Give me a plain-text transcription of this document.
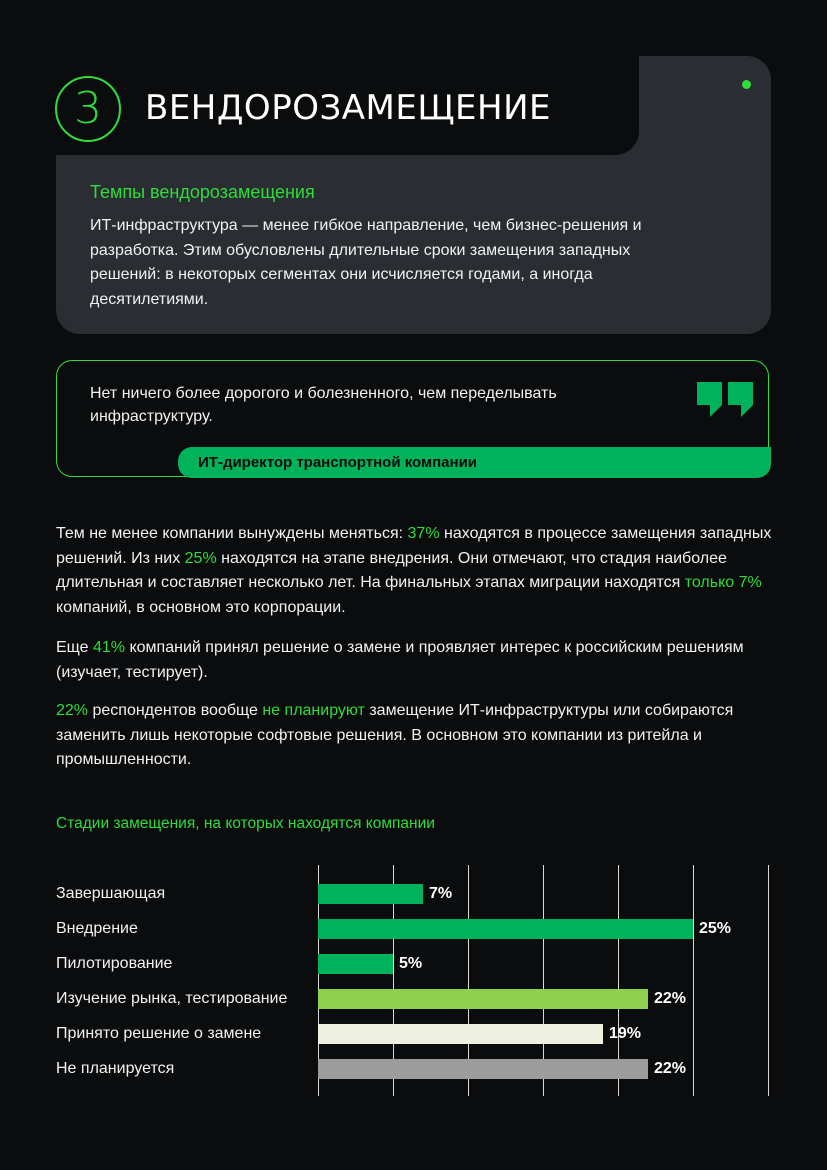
3	ВЕНДОРОЗАМЕЩЕНИЕ
Темпы вендорозамещения
ИТ-инфраструктура — менее гибкое направление, чем бизнес-решения и разработка. Этим обусловлены длительные сроки замещения западных решений: в некоторых сегментах они исчисляется годами, а иногда десятилетиями.
Нет ничего более дорогого и болезненного, чем переделывать инфраструктуру.
ИТ-директор транспортной компании
Тем не менее компании вынуждены меняться: 37% находятся в процессе замещения западных решений. Из них 25% находятся на этапе внедрения. Они отмечают, что стадия наиболее длительная и составляет несколько лет. На финальных этапах миграции находятся только 7% компаний, в основном это корпорации.
Еще 41% компаний принял решение о замене и проявляет интерес к российским решениям (изучает, тестирует).
22% респондентов вообще не планируют замещение ИТ-инфраструктуры или собираются заменить лишь некоторые софтовые решения. В основном это компании из ритейла и промышленности.
Стадии замещения, на которых находятся компании
Завершающая	7%
Внедрение	25%
Пилотирование	5%
Изучение рынка, тестирование	22%
Принято решение о замене	19%
Не планируется	22%
